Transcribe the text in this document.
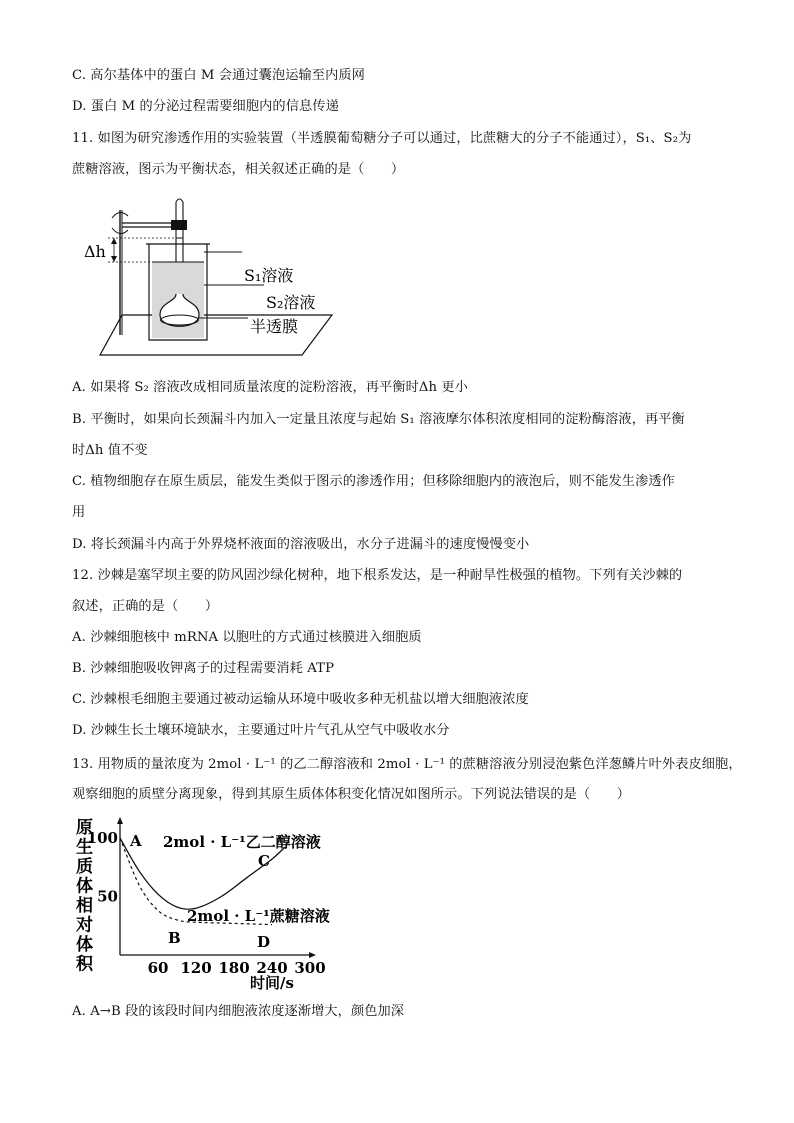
C. 高尔基体中的蛋白 M 会通过囊泡运输至内质网
D. 蛋白 M 的分泌过程需要细胞内的信息传递
11. 如图为研究渗透作用的实验装置（半透膜葡萄糖分子可以通过，比蔗糖大的分子不能通过），S₁、S₂为
蔗糖溶液，图示为平衡状态，相关叙述正确的是（　　）
Δh
S₁溶液
S₂溶液
半透膜
A. 如果将 S₂ 溶液改成相同质量浓度的淀粉溶液，再平衡时Δh 更小
B. 平衡时，如果向长颈漏斗内加入一定量且浓度与起始 S₁ 溶液摩尔体积浓度相同的淀粉酶溶液，再平衡
时Δh 值不变
C. 植物细胞存在原生质层，能发生类似于图示的渗透作用；但移除细胞内的液泡后，则不能发生渗透作
用
D. 将长颈漏斗内高于外界烧杯液面的溶液吸出，水分子进漏斗的速度慢慢变小
12. 沙棘是塞罕坝主要的防风固沙绿化树种，地下根系发达，是一种耐旱性极强的植物。下列有关沙棘的
叙述，正确的是（　　）
A. 沙棘细胞核中 mRNA 以胞吐的方式通过核膜进入细胞质
B. 沙棘细胞吸收钾离子的过程需要消耗 ATP
C. 沙棘根毛细胞主要通过被动运输从环境中吸收多种无机盐以增大细胞液浓度
D. 沙棘生长土壤环境缺水，主要通过叶片气孔从空气中吸收水分
13. 用物质的量浓度为 2mol · L⁻¹ 的乙二醇溶液和 2mol · L⁻¹ 的蔗糖溶液分别浸泡紫色洋葱鳞片叶外表皮细胞，
观察细胞的质壁分离现象，得到其原生质体体积变化情况如图所示。下列说法错误的是（　　）
原
生
质
体
相
对
体
积	60 120 180 240 300
100
50
A
B
C
D
2mol · L⁻¹乙二醇溶液
2mol · L⁻¹蔗糖溶液
时间/s
A. A→B 段的该段时间内细胞液浓度逐渐增大，颜色加深
